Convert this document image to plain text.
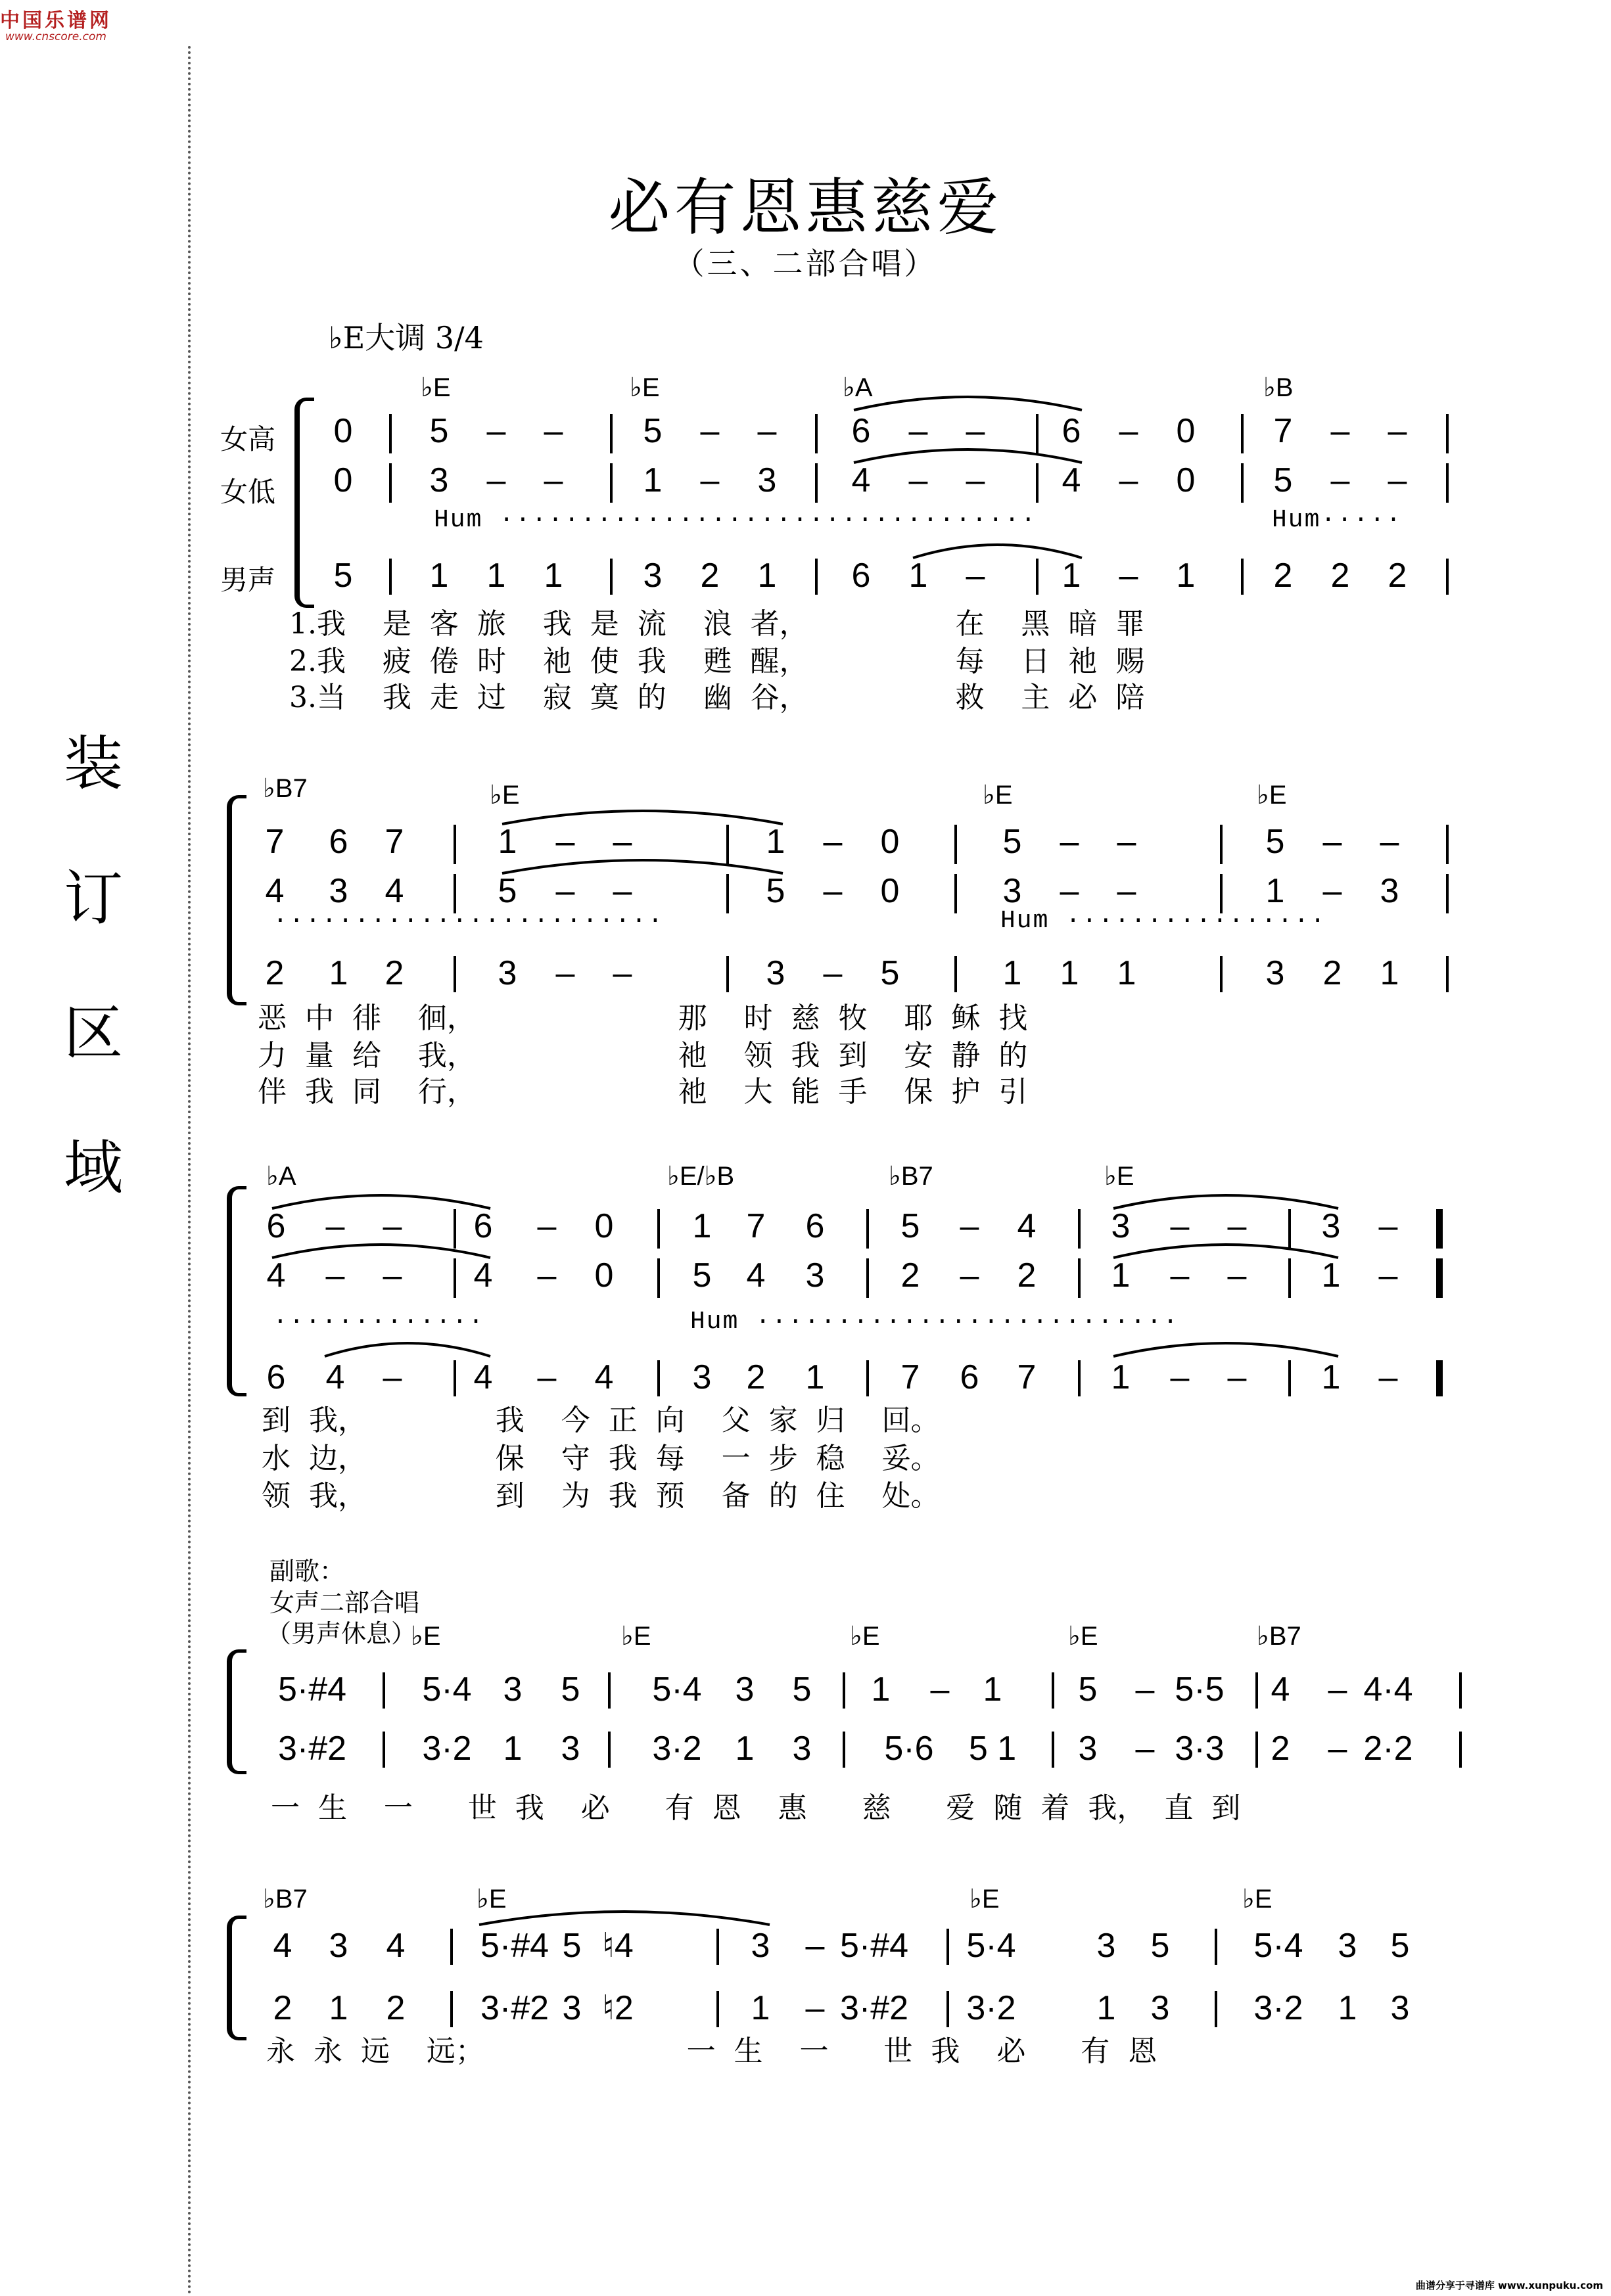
中国乐谱网
www.cnscore.com
装
订
区
域
曲谱分享于寻谱库 www.xunpuku.com
必有恩惠慈爱
（三、二部合唱）
♭E大调 3/4
女高
女低
男声
♭E	♭E	♭A	♭B
0 5 – – 5 – – 6 – – 6 – 0 7 – –
0 3 – – 1 – 3 4 – – 4 – 0 5 – –
5 1 1 1 3 2 1 6 1 – 1 – 1 2 2 2
Hum ·································	Hum·····
1.我    是  客  旅    我  是  流    浪  者，                在    黑  暗  罪
2.我    疲  倦  时    祂  使  我    甦  醒，                每    日  祂  赐
3.当    我  走  过    寂  寞  的    幽  谷，                救    主  必  陪
♭B7	♭E	♭E	♭E
7 6 7	1 – –	1 – 0	5 – –	5 – –
4 3 4	5 – –	5 – 0	3 – –	1 – 3
2 1 2	3 – –	3 – 5	1 1 1	3 2 1
························	Hum ················
恶  中  徘    徊，                      那    时  慈  牧    耶  稣  找
力  量  给    我，                      祂    领  我  到    安  静  的
伴  我  同    行，                      祂    大  能  手    保  护  引
♭A	♭E/♭B	♭B7	♭E
6 – – 6 – 0 1 7 6 5 – 4 3 – – 3 –
4 – – 4 – 0 5 4 3 2 – 2 1 – – 1 –
6 4 – 4 – 4 3 2 1 7 6 7 1 – – 1 –
·············	Hum ··························
到  我，              我    今  正  向    父  家  归    回。
水  边，              保    守  我  每    一  步  稳    妥。
领  我，              到    为  我  预    备  的  住    处。
副歌：
女声二部合唱
（男声休息）
♭E	♭E	♭E	♭E	♭B7
5·#4 5·4 3 5 5·4 3 5 1 – 1 5 – 5·5 4 – 4·4
3·#2 3·2 1 3 3·2 1 3 5·6 5 1 3 – 3·3 2 – 2·2
一  生    一      世  我    必      有  恩    惠      慈      爱  随  着  我，  直  到
♭B7	♭E	♭E	♭E
4 3 4 5·#4 5 ♮4	3 – 5·#4 5·4 3 5 5·4 3 5
2 1 2 3·#2 3 ♮2	1 – 3·#2 3·2 1 3 3·2 1 3
永  永  远    远；                      一  生    一      世  我    必      有  恩
